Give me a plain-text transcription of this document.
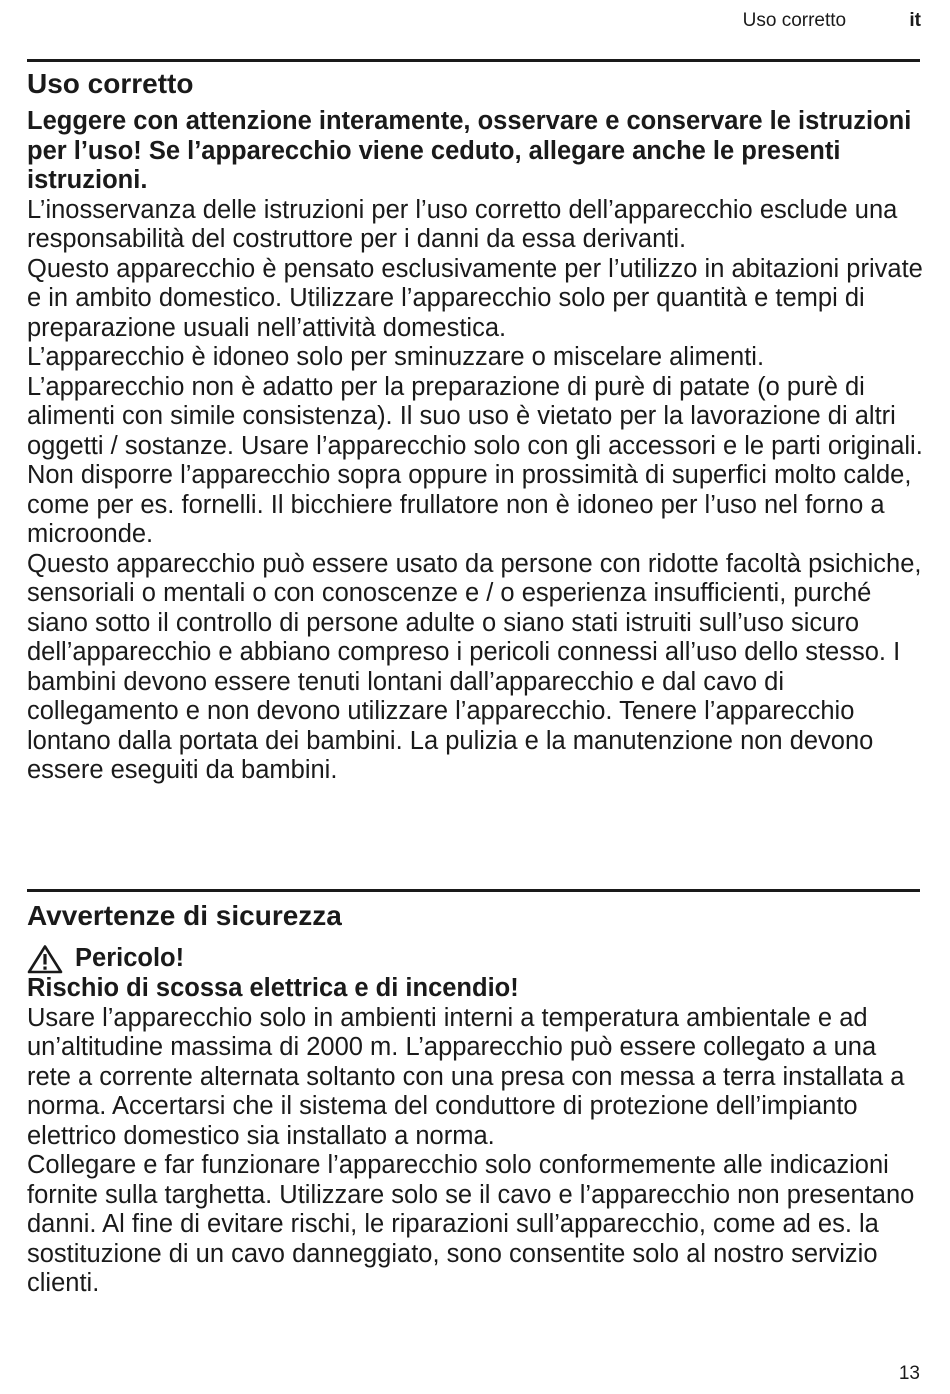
Uso corretto	it
Uso corretto

Leggere con attenzione interamente, osservare e conservare le istruzioni per l’uso! Se l’apparecchio viene ceduto, allegare anche le presenti istruzioni.

L’inosservanza delle istruzioni per l’uso corretto dell’apparecchio esclude una responsabilità del costruttore per i danni da essa derivanti.

Questo apparecchio è pensato esclusivamente per l’utilizzo in abitazioni private e in ambito domestico. Utilizzare l’apparecchio solo per quantità e tempi di preparazione usuali nell’attività domestica.

L’apparecchio è idoneo solo per sminuzzare o miscelare alimenti. L’apparecchio non è adatto per la preparazione di purè di patate (o purè di alimenti con simile consistenza). Il suo uso è vietato per la lavorazione di altri oggetti / sostanze. Usare l’apparecchio solo con gli accessori e le parti originali. Non disporre l’apparecchio sopra oppure in prossimità di superfici molto calde, come per es. fornelli. Il bicchiere frullatore non è idoneo per l’uso nel forno a microonde.

Questo apparecchio può essere usato da persone con ridotte facoltà psichiche, sensoriali o mentali o con conoscenze e / o esperienza insufficienti, purché siano sotto il controllo di persone adulte o siano stati istruiti sull’uso sicuro dell’apparecchio e abbiano compreso i pericoli connessi all’uso dello stesso. I bambini devono essere tenuti lontani dall’apparecchio e dal cavo di collegamento e non devono utilizzare l’apparecchio. Tenere l’apparecchio lontano dalla portata dei bambini. La pulizia e la manutenzione non devono essere eseguiti da bambini.

Avvertenze di sicurezza
Pericolo!

Rischio di scossa elettrica e di incendio!

Usare l’apparecchio solo in ambienti interni a temperatura ambientale e ad un’altitudine massima di 2000 m. L’apparecchio può essere collegato a una rete a corrente alternata soltanto con una presa con messa a terra installata a norma. Accertarsi che il sistema del conduttore di protezione dell’impianto elettrico domestico sia installato a norma.

Collegare e far funzionare l’apparecchio solo conformemente alle indicazioni fornite sulla targhetta. Utilizzare solo se il cavo e l’apparecchio non presentano danni. Al fine di evitare rischi, le riparazioni sull’apparecchio, come ad es. la sostituzione di un cavo danneggiato, sono consentite solo al nostro servizio clienti.

13
